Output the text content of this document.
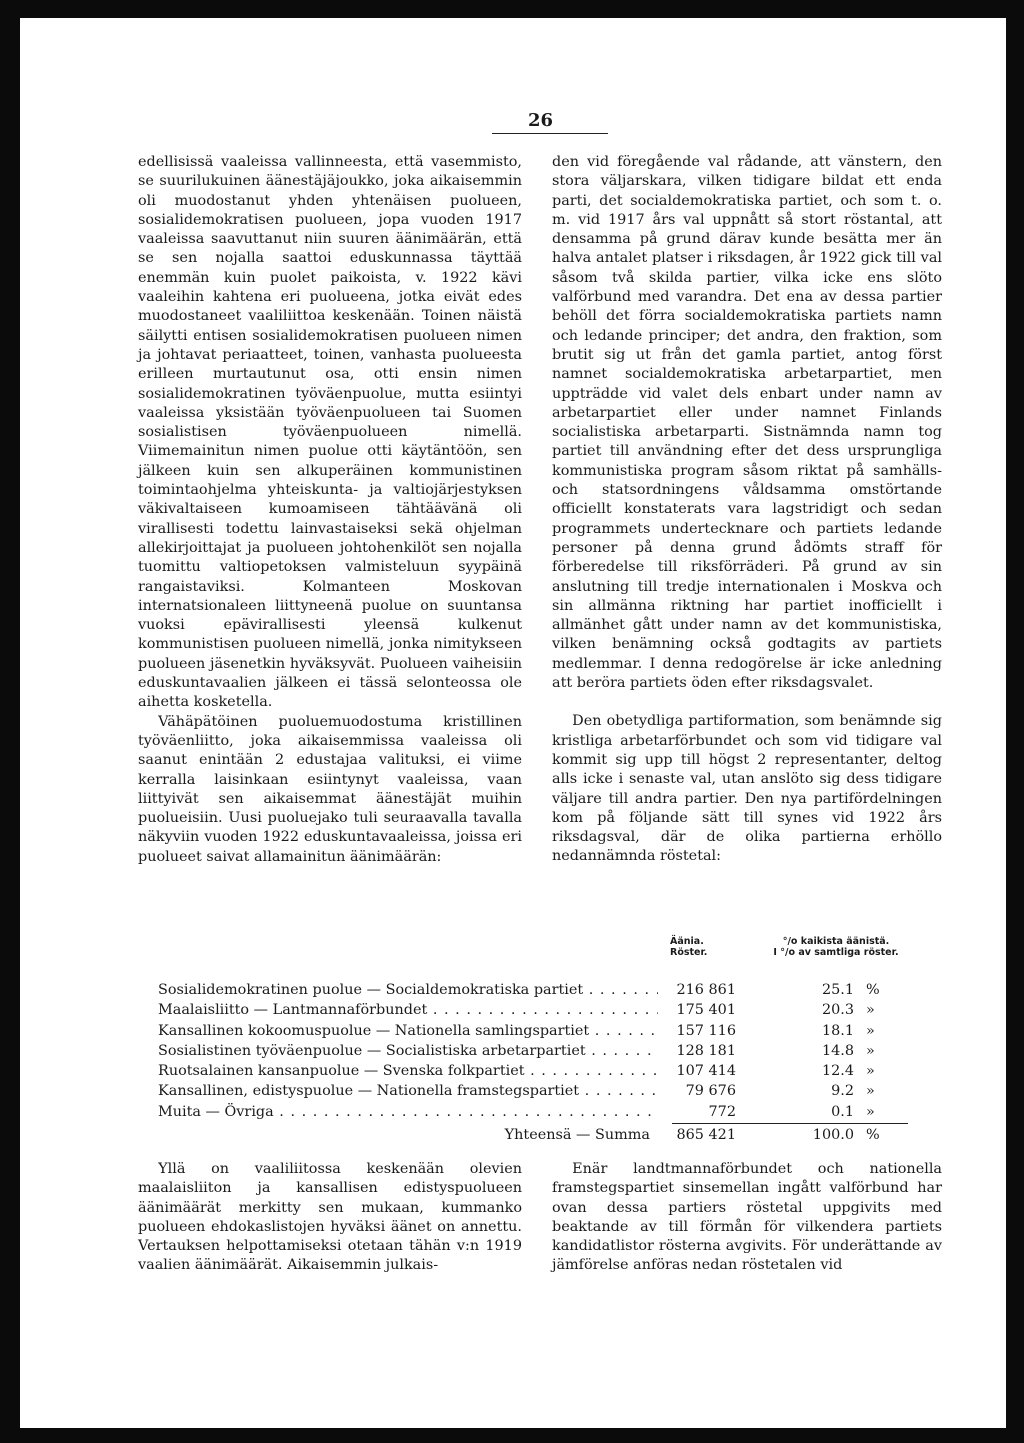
26

edellisissä vaaleissa vallinneesta, että vasemmisto, se suurilukuinen äänestäjäjoukko, joka aikaisemmin oli muodostanut yhden yhtenäisen puolueen, sosialidemokratisen puolueen, jopa vuoden 1917 vaaleissa saavuttanut niin suuren äänimäärän, että se sen nojalla saattoi eduskunnassa täyttää enemmän kuin puolet paikoista, v. 1922 kävi vaaleihin kahtena eri puolueena, jotka eivät edes muodostaneet vaaliliittoa keskenään. Toinen näistä säilytti entisen sosialidemokratisen puolueen nimen ja johtavat periaatteet, toinen, vanhasta puolueesta erilleen murtautunut osa, otti ensin nimen sosialidemokratinen työväenpuolue, mutta esiintyi vaaleissa yksistään työväenpuolueen tai Suomen sosialistisen työväenpuolueen nimellä. Viimemainitun nimen puolue otti käytäntöön, sen jälkeen kuin sen alkuperäinen kommunistinen toimintaohjelma yhteiskunta- ja valtiojärjestyksen väkivaltaiseen kumoamiseen tähtäävänä oli virallisesti todettu lainvastaiseksi sekä ohjelman allekirjoittajat ja puolueen johtohenkilöt sen nojalla tuomittu valtiopetoksen valmisteluun syypäinä rangaistaviksi. Kolmanteen Moskovan internatsionaleen liittyneenä puolue on suuntansa vuoksi epävirallisesti yleensä kulkenut kommunistisen puolueen nimellä, jonka nimitykseen puolueen jäsenetkin hyväksyvät. Puolueen vaiheisiin eduskuntavaalien jälkeen ei tässä selonteossa ole aihetta kosketella.

Vähäpätöinen puoluemuodostuma kristillinen työväenliitto, joka aikaisemmissa vaaleissa oli saanut enintään 2 edustajaa valituksi, ei viime kerralla laisinkaan esiintynyt vaaleissa, vaan liittyivät sen aikaisemmat äänestäjät muihin puolueisiin. Uusi puoluejako tuli seuraavalla tavalla näkyviin vuoden 1922 eduskuntavaaleissa, joissa eri puolueet saivat allamainitun äänimäärän:

den vid föregående val rådande, att vänstern, den stora väljarskara, vilken tidigare bildat ett enda parti, det socialdemokratiska partiet, och som t. o. m. vid 1917 års val uppnått så stort röstantal, att densamma på grund därav kunde besätta mer än halva antalet platser i riksdagen, år 1922 gick till val såsom två skilda partier, vilka icke ens slöto valförbund med varandra. Det ena av dessa partier behöll det förra socialdemokratiska partiets namn och ledande principer; det andra, den fraktion, som brutit sig ut från det gamla partiet, antog först namnet socialdemokratiska arbetarpartiet, men uppträdde vid valet dels enbart under namn av arbetarpartiet eller under namnet Finlands socialistiska arbetarparti. Sistnämnda namn tog partiet till användning efter det dess ursprungliga kommunistiska program såsom riktat på samhälls- och statsordningens våldsamma omstörtande officiellt konstaterats vara lagstridigt och sedan programmets undertecknare och partiets ledande personer på denna grund ådömts straff för förberedelse till riksförräderi. På grund av sin anslutning till tredje internationalen i Moskva och sin allmänna riktning har partiet inofficiellt i allmänhet gått under namn av det kommunistiska, vilken benämning också godtagits av partiets medlemmar. I denna redogörelse är icke anledning att beröra partiets öden efter riksdagsvalet.

Den obetydliga partiformation, som benämnde sig kristliga arbetarförbundet och som vid tidigare val kommit sig upp till högst 2 representanter, deltog alls icke i senaste val, utan anslöto sig dess tidigare väljare till andra partier. Den nya partifördelningen kom på följande sätt till synes vid 1922 års riksdagsval, där de olika partierna erhöllo nedannämnda röstetal:

Äänia.
Röster.
°/o kaikista äänistä.
I °/o av samtliga röster.
Sosialidemokratinen puolue — Socialdemokratiska partiet . . .	216 861	25.1 %
Maalaisliitto — Lantmannaförbundet . . .	175 401	20.3 »
Kansallinen kokoomuspuolue — Nationella samlingspartiet . . .	157 116	18.1 »
Sosialistinen työväenpuolue — Socialistiska arbetarpartiet . . .	128 181	14.8 »
Ruotsalainen kansanpuolue — Svenska folkpartiet . . .	107 414	12.4 »
Kansallinen, edistyspuolue — Nationella framstegspartiet . . .	79 676	9.2 »
Muita — Övriga . . .	772	0.1 »
Yhteensä — Summa	865 421	100.0 %

Yllä on vaaliliitossa keskenään olevien maalaisliiton ja kansallisen edistyspuolueen äänimäärät merkitty sen mukaan, kummanko puolueen ehdokaslistojen hyväksi äänet on annettu. Vertauksen helpottamiseksi otetaan tähän v:n 1919 vaalien äänimäärät. Aikaisemmin julkais-

Enär landtmannaförbundet och nationella framstegspartiet sinsemellan ingått valförbund har ovan dessa partiers röstetal uppgivits med beaktande av till förmån för vilkendera partiets kandidatlistor rösterna avgivits. För underättande av jämförelse anföras nedan röstetalen vid
